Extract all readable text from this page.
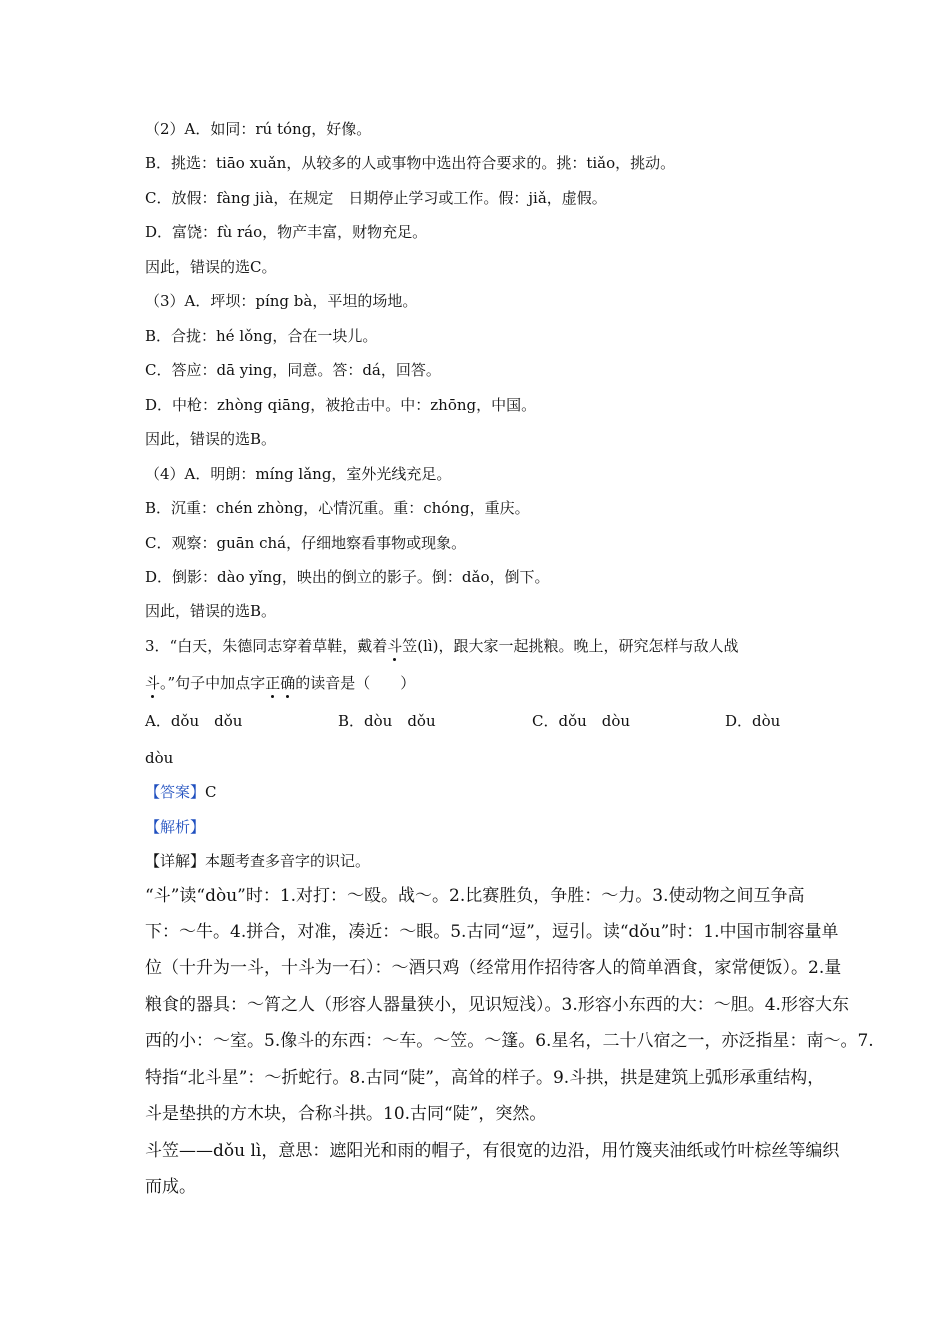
（2）A．如同：rú tóng，好像。
B．挑选：tiāo xuǎn，从较多的人或事物中选出符合要求的。挑：tiǎo，挑动。
C．放假：fàng jià，在规定　日期停止学习或工作。假：jiǎ，虚假。
D．富饶：fù ráo，物产丰富，财物充足。
因此，错误的选C。
（3）A．坪坝：píng bà，平坦的场地。
B．合拢：hé lǒng，合在一块儿。
C．答应：dā ying，同意。答：dá，回答。
D．中枪：zhòng qiāng，被抢击中。中：zhōng，中国。
因此，错误的选B。
（4）A．明朗：míng lǎng，室外光线充足。
B．沉重：chén zhòng，心情沉重。重：chóng，重庆。
C．观察：guān chá，仔细地察看事物或现象。
D．倒影：dào yǐng，映出的倒立的影子。倒：dǎo，倒下。
因此，错误的选B。
3．“白天，朱德同志穿着草鞋，戴着斗笠(lì)，跟大家一起挑粮。晚上，研究怎样与敌人战
斗。”句子中加点字正确的读音是（　　）
A．dǒu　dǒu	B．dòu　dǒu	C．dǒu　dòu	D．dòu
dòu
【答案】C
【解析】
【详解】本题考查多音字的识记。
“斗”读“dòu”时：1.对打：～殴。战～。2.比赛胜负，争胜：～力。3.使动物之间互争高
下：～牛。4.拼合，对准，凑近：～眼。5.古同“逗”，逗引。读“dǒu”时：1.中国市制容量单
位（十升为一斗，十斗为一石）：～酒只鸡（经常用作招待客人的简单酒食，家常便饭）。2.量
粮食的器具：～筲之人（形容人器量狭小，见识短浅）。3.形容小东西的大：～胆。4.形容大东
西的小：～室。5.像斗的东西：～车。～笠。～篷。6.星名，二十八宿之一，亦泛指星：南～。7.
特指“北斗星”：～折蛇行。8.古同“陡”，高耸的样子。9.斗拱，拱是建筑上弧形承重结构，
斗是垫拱的方木块，合称斗拱。10.古同“陡”，突然。
斗笠——dǒu lì，意思：遮阳光和雨的帽子，有很宽的边沿，用竹篾夹油纸或竹叶棕丝等编织
而成。
